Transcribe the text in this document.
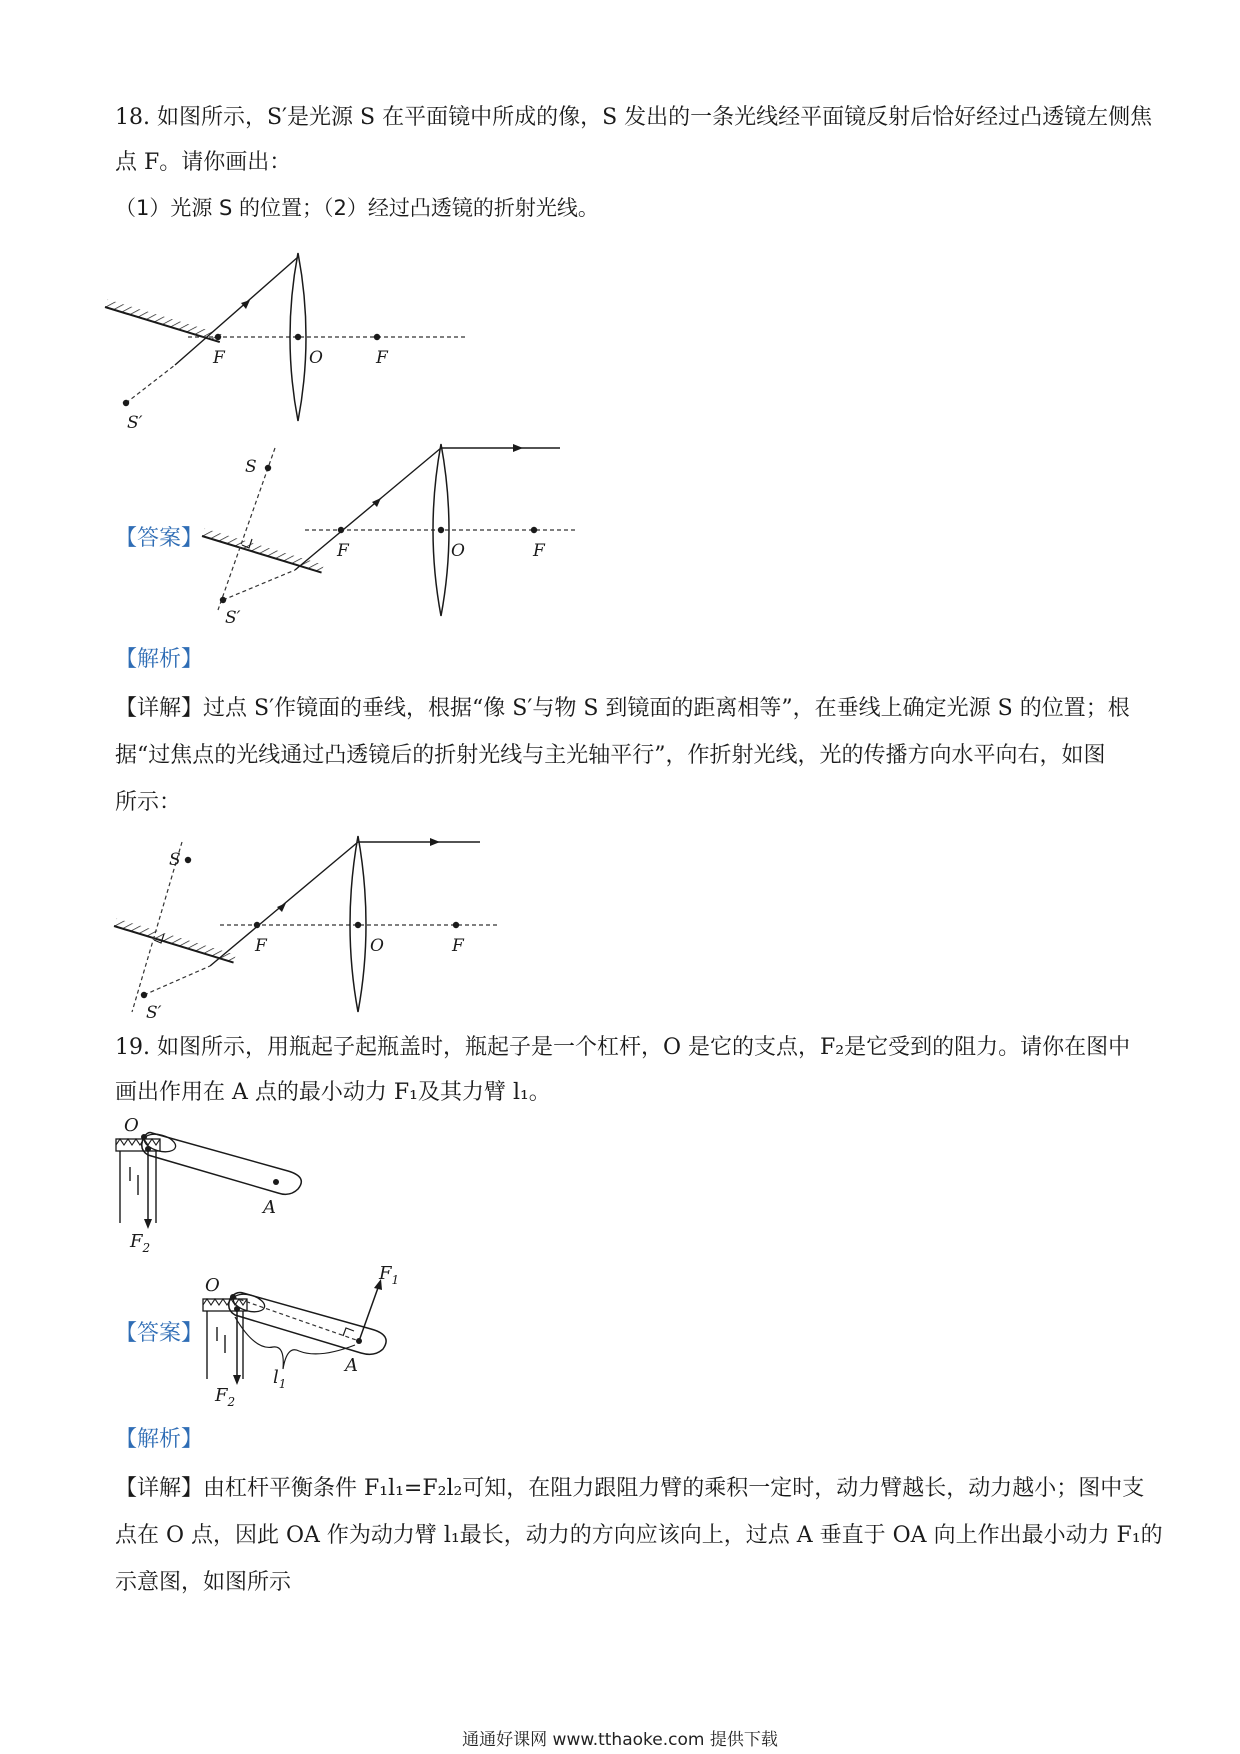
18. 如图所示，S′是光源 S 在平面镜中所成的像，S 发出的一条光线经平面镜反射后恰好经过凸透镜左侧焦
点 F。请你画出：
（1）光源 S 的位置；（2）经过凸透镜的折射光线。
F	O	F
S′
【答案】	F	O	F
S
S′
【解析】
【详解】过点 S′作镜面的垂线，根据“像 S′与物 S 到镜面的距离相等”，在垂线上确定光源 S 的位置；根
据“过焦点的光线通过凸透镜后的折射光线与主光轴平行”，作折射光线，光的传播方向水平向右，如图
所示：
F	O	F
S
S′
19. 如图所示，用瓶起子起瓶盖时，瓶起子是一个杠杆，O 是它的支点，F₂是它受到的阻力。请你在图中
画出作用在 A 点的最小动力 F₁及其力臂 l₁。
O
A
$F_2$
【答案】
O
A
$F_1$
$l_1$
$F_2$
【解析】
【详解】由杠杆平衡条件 F₁l₁=F₂l₂可知，在阻力跟阻力臂的乘积一定时，动力臂越长，动力越小；图中支
点在 O 点，因此 OA 作为动力臂 l₁最长，动力的方向应该向上，过点 A 垂直于 OA 向上作出最小动力 F₁的
示意图，如图所示
通通好课网 www.tthaoke.com 提供下载
